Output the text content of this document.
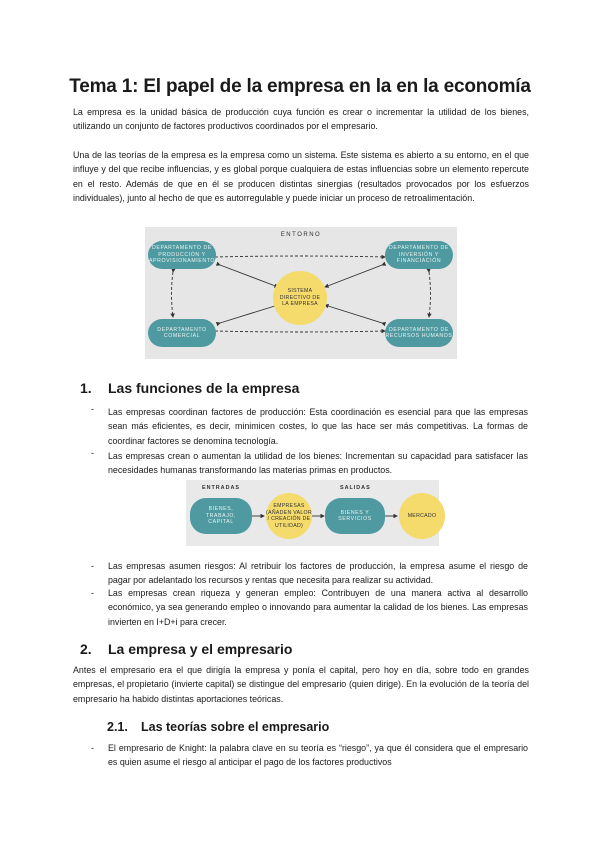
Tema 1: El papel de la empresa en la en la economía

La empresa es la unidad básica de producción cuya función es crear o incrementar la utilidad de los bienes, utilizando un conjunto de factores productivos coordinados por el empresario.

Una de las teorías de la empresa es la empresa como un sistema. Este sistema es abierto a su entorno, en el que influye y del que recibe influencias, y es global porque cualquiera de estas influencias sobre un elemento repercute en el resto. Además de que en él se producen distintas sinergias (resultados provocados por los esfuerzos individuales), junto al hecho de que es autorregulable y puede iniciar un proceso de retroalimentación.

ENTORNO
DEPARTAMENTO DE PRODUCCIÓN Y APROVISIONAMIENTO
DEPARTAMENTO DE INVERSIÓN Y FINANCIACIÓN
DEPARTAMENTO COMERCIAL
DEPARTAMENTO DE RECURSOS HUMANOS
SISTEMA DIRECTIVO DE LA EMPRESA
1. Las funciones de la empresa
- Las empresas coordinan factores de producción: Esta coordinación es esencial para que las empresas sean más eficientes, es decir, minimicen costes, lo que las hace ser más competitivas. La formas de coordinar factores se denomina tecnología.

- Las empresas crean o aumentan la utilidad de los bienes: Incrementan su capacidad para satisfacer las necesidades humanas transformando las materias primas en productos.

ENTRADAS	SALIDAS
BIENES, TRABAJO, CAPITAL
EMPRESAS (AÑADEN VALOR / CREACIÓN DE UTILIDAD)
BIENES Y SERVICIOS
MERCADO
- Las empresas asumen riesgos: Al retribuir los factores de producción, la empresa asume el riesgo de pagar por adelantado los recursos y rentas que necesita para realizar su actividad.

- Las empresas crean riqueza y generan empleo: Contribuyen de una manera activa al desarrollo económico, ya sea generando empleo o innovando para aumentar la calidad de los bienes. Las empresas invierten en I+D+i para crecer.

2. La empresa y el empresario

Antes el empresario era el que dirigía la empresa y ponía el capital, pero hoy en día, sobre todo en grandes empresas, el propietario (invierte capital) se distingue del empresario (quien dirige). En la evolución de la teoría del empresario ha habido distintas aportaciones teóricas.

2.1. Las teorías sobre el empresario
- El empresario de Knight: la palabra clave en su teoría es “riesgo”, ya que él considera que el empresario es quien asume el riesgo al anticipar el pago de los factores productivos
